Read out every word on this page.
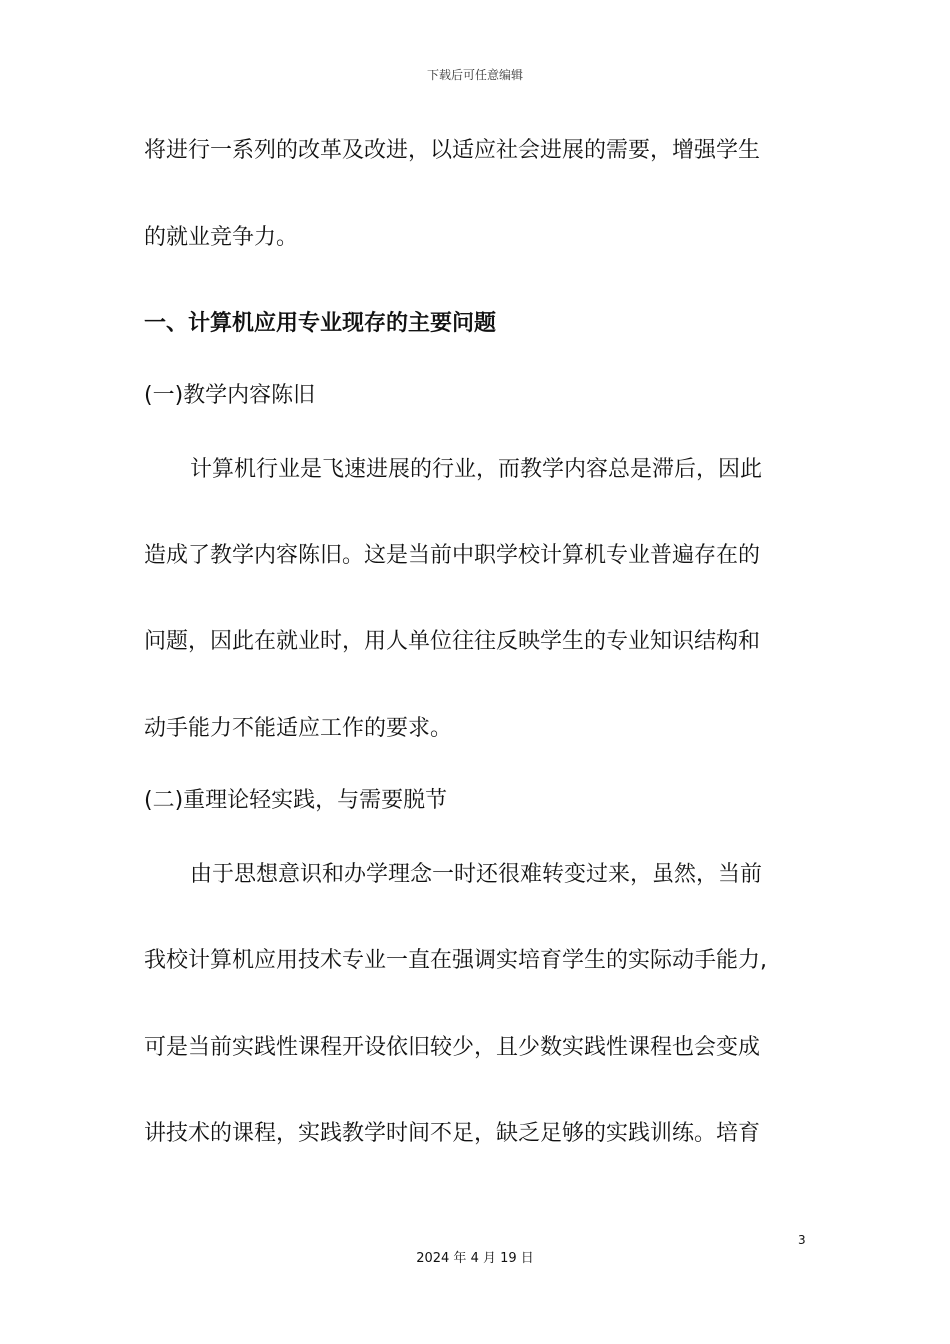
下载后可任意编辑
将进行一系列的改革及改进，以适应社会进展的需要，增强学生
的就业竞争力。
一、计算机应用专业现存的主要问题
(一)教学内容陈旧
计算机行业是飞速进展的行业，而教学内容总是滞后，因此
造成了教学内容陈旧。这是当前中职学校计算机专业普遍存在的
问题，因此在就业时，用人单位往往反映学生的专业知识结构和
动手能力不能适应工作的要求。
(二)重理论轻实践，与需要脱节
由于思想意识和办学理念一时还很难转变过来，虽然，当前
我校计算机应用技术专业一直在强调实培育学生的实际动手能力,
可是当前实践性课程开设依旧较少，且少数实践性课程也会变成
讲技术的课程，实践教学时间不足，缺乏足够的实践训练。培育
3
2024 年 4 月 19 日
